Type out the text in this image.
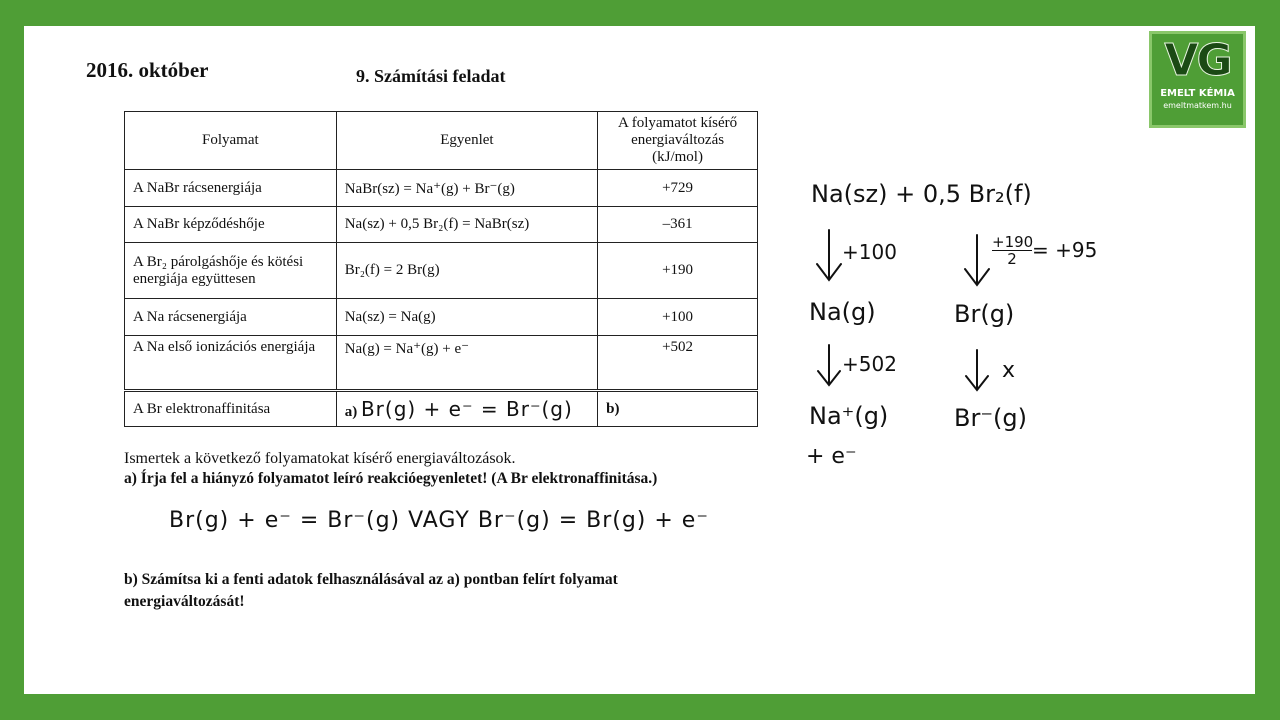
2016. október	9. Számítási feladat
Folyamat	Egyenlet	A folyamatot kísérő energiaváltozás (kJ/mol)
A NaBr rácsenergiája	NaBr(sz) = Na⁺(g) + Br⁻(g)	+729
A NaBr képződéshője	Na(sz) + 0,5 Br₂(f) = NaBr(sz)	–361
A Br₂ párolgáshője és kötési energiája együttesen	Br₂(f) = 2 Br(g)	+190
A Na rácsenergiája	Na(sz) = Na(g)	+100
A Na első ionizációs energiája	Na(g) = Na⁺(g) + e⁻	+502
A Br elektronaffinitása	a) Br(g) + e⁻ = Br⁻(g)	b)
Ismertek a következő folyamatokat kísérő energiaváltozások.
a) Írja fel a hiányzó folyamatot leíró reakcióegyenletet! (A Br elektronaffinitása.)
Br(g) + e⁻ = Br⁻(g) VAGY Br⁻(g) = Br(g) + e⁻
b) Számítsa ki a fenti adatok felhasználásával az a) pontban felírt folyamat energiaváltozását!
VG
EMELT KÉMIA
emeltmatkem.hu
Na(sz) + 0,5 Br₂(f)
+100	$\frac{+190}{2} = +95$
Na(g)	Br(g)
+502	x
Na⁺(g)	Br⁻(g)
+ e⁻
